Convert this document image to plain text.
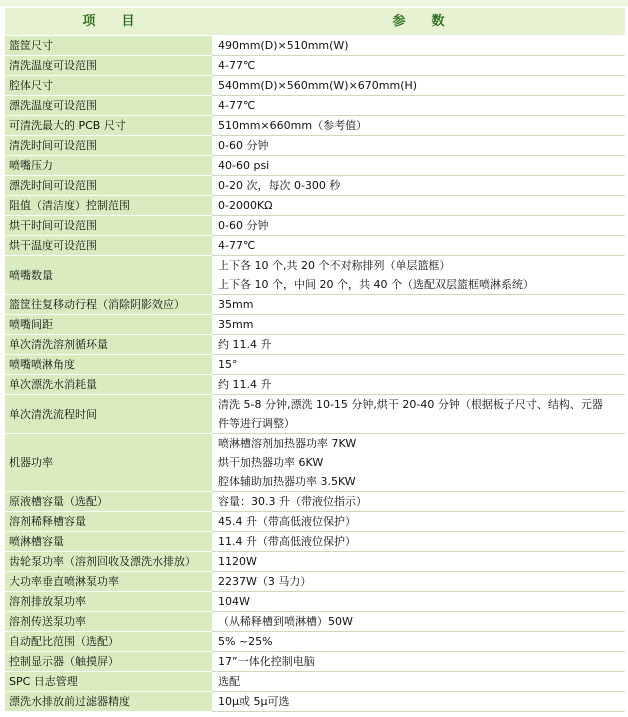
项　　目	参　　数
篮筐尺寸	490mm(D)×510mm(W)

清洗温度可设范围	4-77℃

腔体尺寸	540mm(D)×560mm(W)×670mm(H)

漂洗温度可设范围	4-77℃

可清洗最大的 PCB 尺寸	510mm×660mm（参考值）

清洗时间可设范围	0-60 分钟

喷嘴压力	40-60 psi

漂洗时间可设范围	0-20 次，每次 0-300 秒

阻值（清洁度）控制范围	0-2000KΩ

烘干时间可设范围	0-60 分钟

烘干温度可设范围	4-77℃

喷嘴数量	上下各 10 个,共 20 个不对称排列（单层篮框）
上下各 10 个，中间 20 个，共 40 个（选配双层篮框喷淋系统）

篮筐往复移动行程（消除阴影效应）	35mm

喷嘴间距	35mm

单次清洗溶剂循环量	约 11.4 升

喷嘴喷淋角度	15°

单次漂洗水消耗量	约 11.4 升

单次清洗流程时间	清洗 5-8 分钟,漂洗 10-15 分钟,烘干 20-40 分钟（根据板子尺寸、结构、元器
件等进行调整）

机器功率	喷淋槽溶剂加热器功率 7KW
烘干加热器功率 6KW
腔体辅助加热器功率 3.5KW

原液槽容量（选配）	容量：30.3 升（带液位指示）

溶剂稀释槽容量	45.4 升（带高低液位保护）

喷淋槽容量	11.4 升（带高低液位保护）

齿轮泵功率（溶剂回收及漂洗水排放）	1120W

大功率垂直喷淋泵功率	2237W（3 马力）

溶剂排放泵功率	104W

溶剂传送泵功率	（从稀释槽到喷淋槽）50W

自动配比范围（选配）	5% ~25%

控制显示器（触摸屏）	17”一体化控制电脑

SPC 日志管理	选配

漂洗水排放前过滤器精度	10μ或 5μ可选
